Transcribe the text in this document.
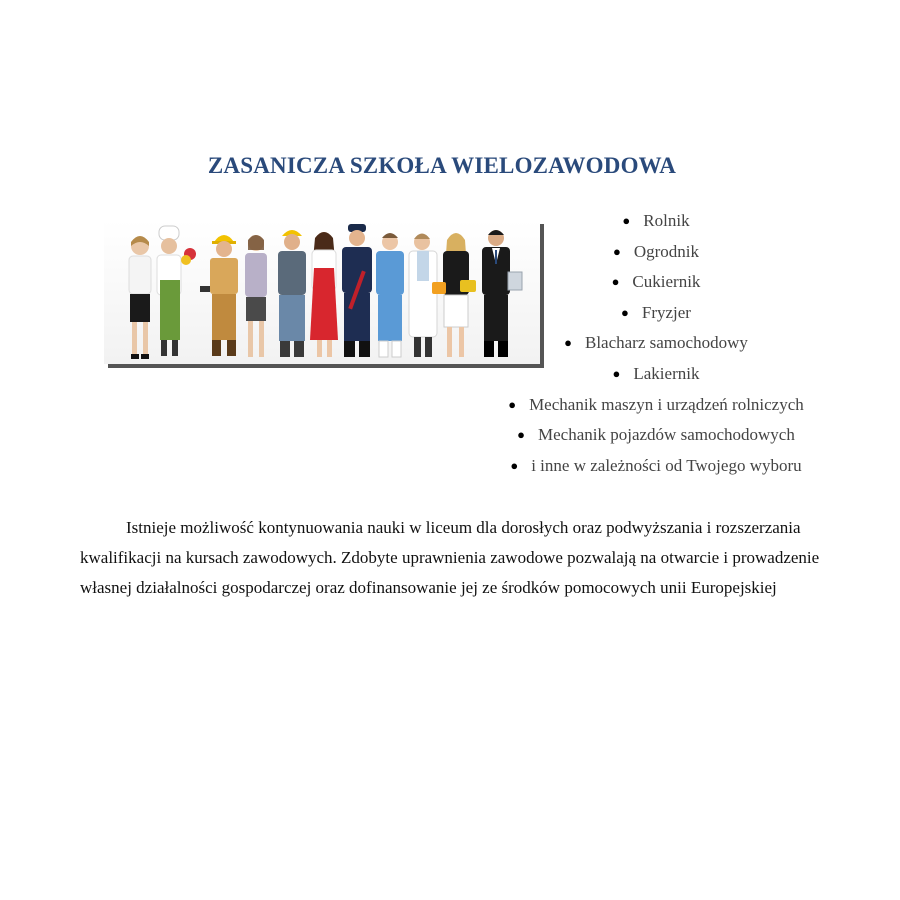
ZASANICZA SZKOŁA WIELOZAWODOWA
● Rolnik
● Ogrodnik
● Cukiernik
● Fryzjer
● Blacharz samochodowy
● Lakiernik
● Mechanik maszyn i urządzeń rolniczych
● Mechanik pojazdów samochodowych
● i inne w zależności od Twojego wyboru

Istnieje możliwość kontynuowania nauki w liceum dla dorosłych oraz podwyższania i rozszerzania kwalifikacji na kursach zawodowych. Zdobyte uprawnienia zawodowe pozwalają na otwarcie i prowadzenie własnej działalności gospodarczej oraz dofinansowanie jej ze środków pomocowych unii Europejskiej
